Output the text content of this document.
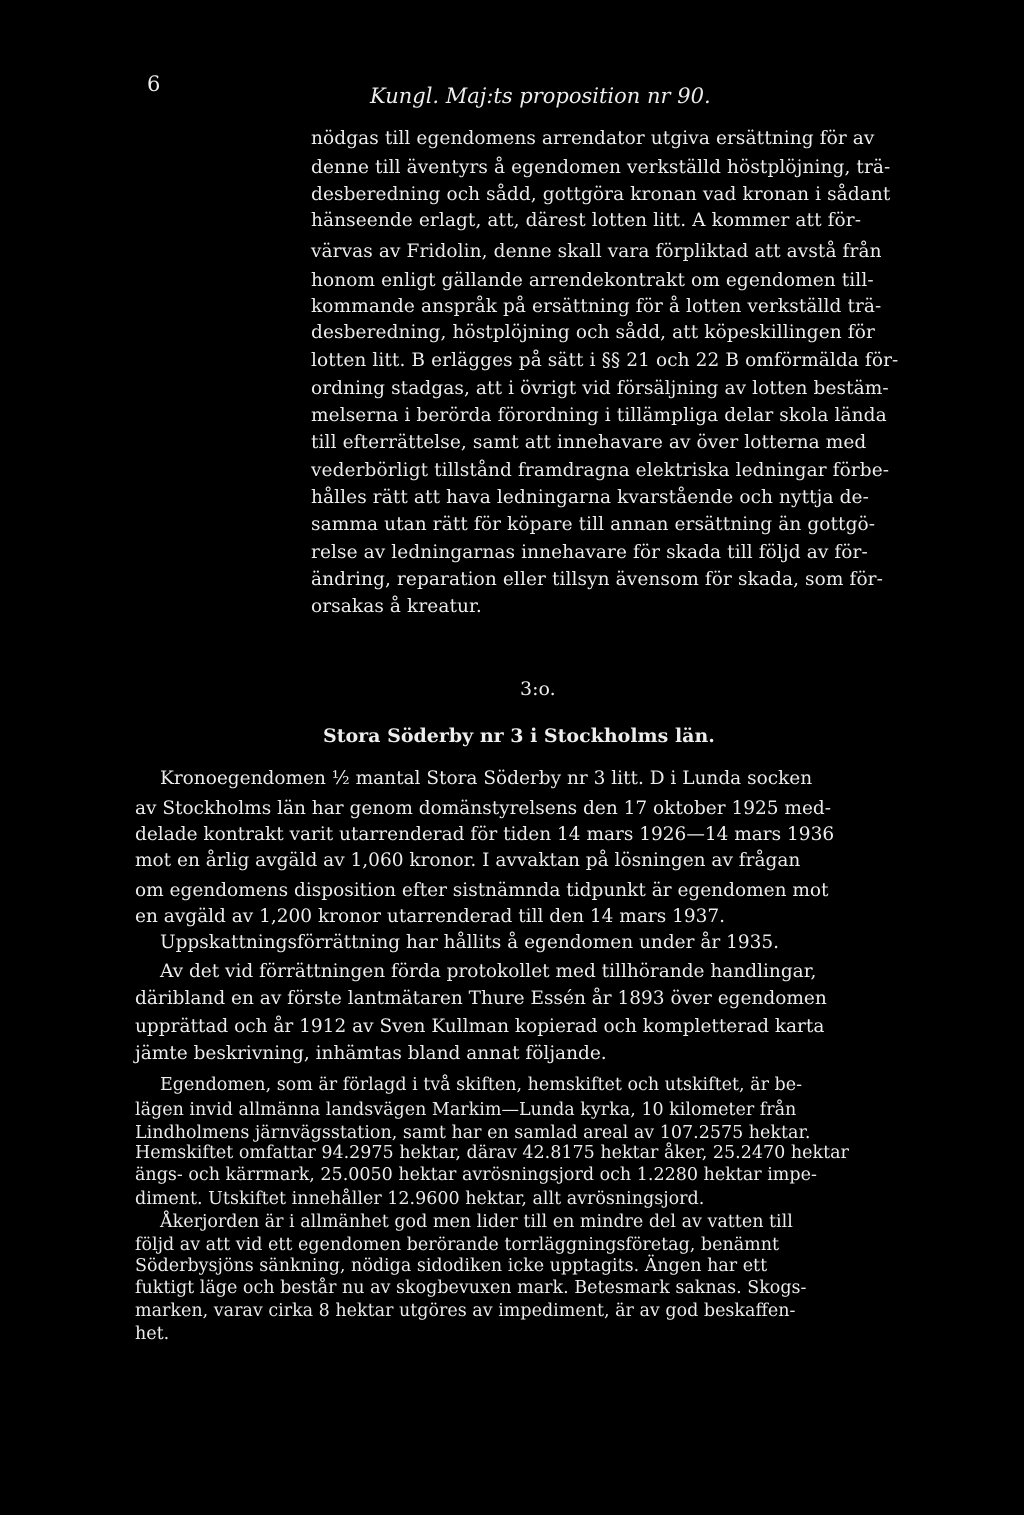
6	Kungl. Maj:ts proposition nr 90.

nödgas till egendomens arrendator utgiva ersättning för av

denne till äventyrs å egendomen verkställd höstplöjning, trä-

desberedning och sådd, gottgöra kronan vad kronan i sådant

hänseende erlagt, att, därest lotten litt. A kommer att för-

värvas av Fridolin, denne skall vara förpliktad att avstå från

honom enligt gällande arrendekontrakt om egendomen till-

kommande anspråk på ersättning för å lotten verkställd trä-

desberedning, höstplöjning och sådd, att köpeskillingen för

lotten litt. B erlägges på sätt i §§ 21 och 22 B omförmälda för-

ordning stadgas, att i övrigt vid försäljning av lotten bestäm-

melserna i berörda förordning i tillämpliga delar skola lända

till efterrättelse, samt att innehavare av över lotterna med

vederbörligt tillstånd framdragna elektriska ledningar förbe-

hålles rätt att hava ledningarna kvarstående och nyttja de-

samma utan rätt för köpare till annan ersättning än gottgö-

relse av ledningarnas innehavare för skada till följd av för-

ändring, reparation eller tillsyn ävensom för skada, som för-

orsakas å kreatur.

3:o.
Stora Söderby nr 3 i Stockholms län.

Kronoegendomen ½ mantal Stora Söderby nr 3 litt. D i Lunda socken

av Stockholms län har genom domänstyrelsens den 17 oktober 1925 med-

delade kontrakt varit utarrenderad för tiden 14 mars 1926—14 mars 1936

mot en årlig avgäld av 1,060 kronor. I avvaktan på lösningen av frågan

om egendomens disposition efter sistnämnda tidpunkt är egendomen mot

en avgäld av 1,200 kronor utarrenderad till den 14 mars 1937.

Uppskattningsförrättning har hållits å egendomen under år 1935.

Av det vid förrättningen förda protokollet med tillhörande handlingar,

däribland en av förste lantmätaren Thure Essén år 1893 över egendomen

upprättad och år 1912 av Sven Kullman kopierad och kompletterad karta

jämte beskrivning, inhämtas bland annat följande.

Egendomen, som är förlagd i två skiften, hemskiftet och utskiftet, är be-

lägen invid allmänna landsvägen Markim—Lunda kyrka, 10 kilometer från

Lindholmens järnvägsstation, samt har en samlad areal av 107.2575 hektar.

Hemskiftet omfattar 94.2975 hektar, därav 42.8175 hektar åker, 25.2470 hektar

ängs- och kärrmark, 25.0050 hektar avrösningsjord och 1.2280 hektar impe-

diment. Utskiftet innehåller 12.9600 hektar, allt avrösningsjord.

Åkerjorden är i allmänhet god men lider till en mindre del av vatten till

följd av att vid ett egendomen berörande torrläggningsföretag, benämnt

Söderbysjöns sänkning, nödiga sidodiken icke upptagits. Ängen har ett

fuktigt läge och består nu av skogbevuxen mark. Betesmark saknas. Skogs-

marken, varav cirka 8 hektar utgöres av impediment, är av god beskaffen-

het.
